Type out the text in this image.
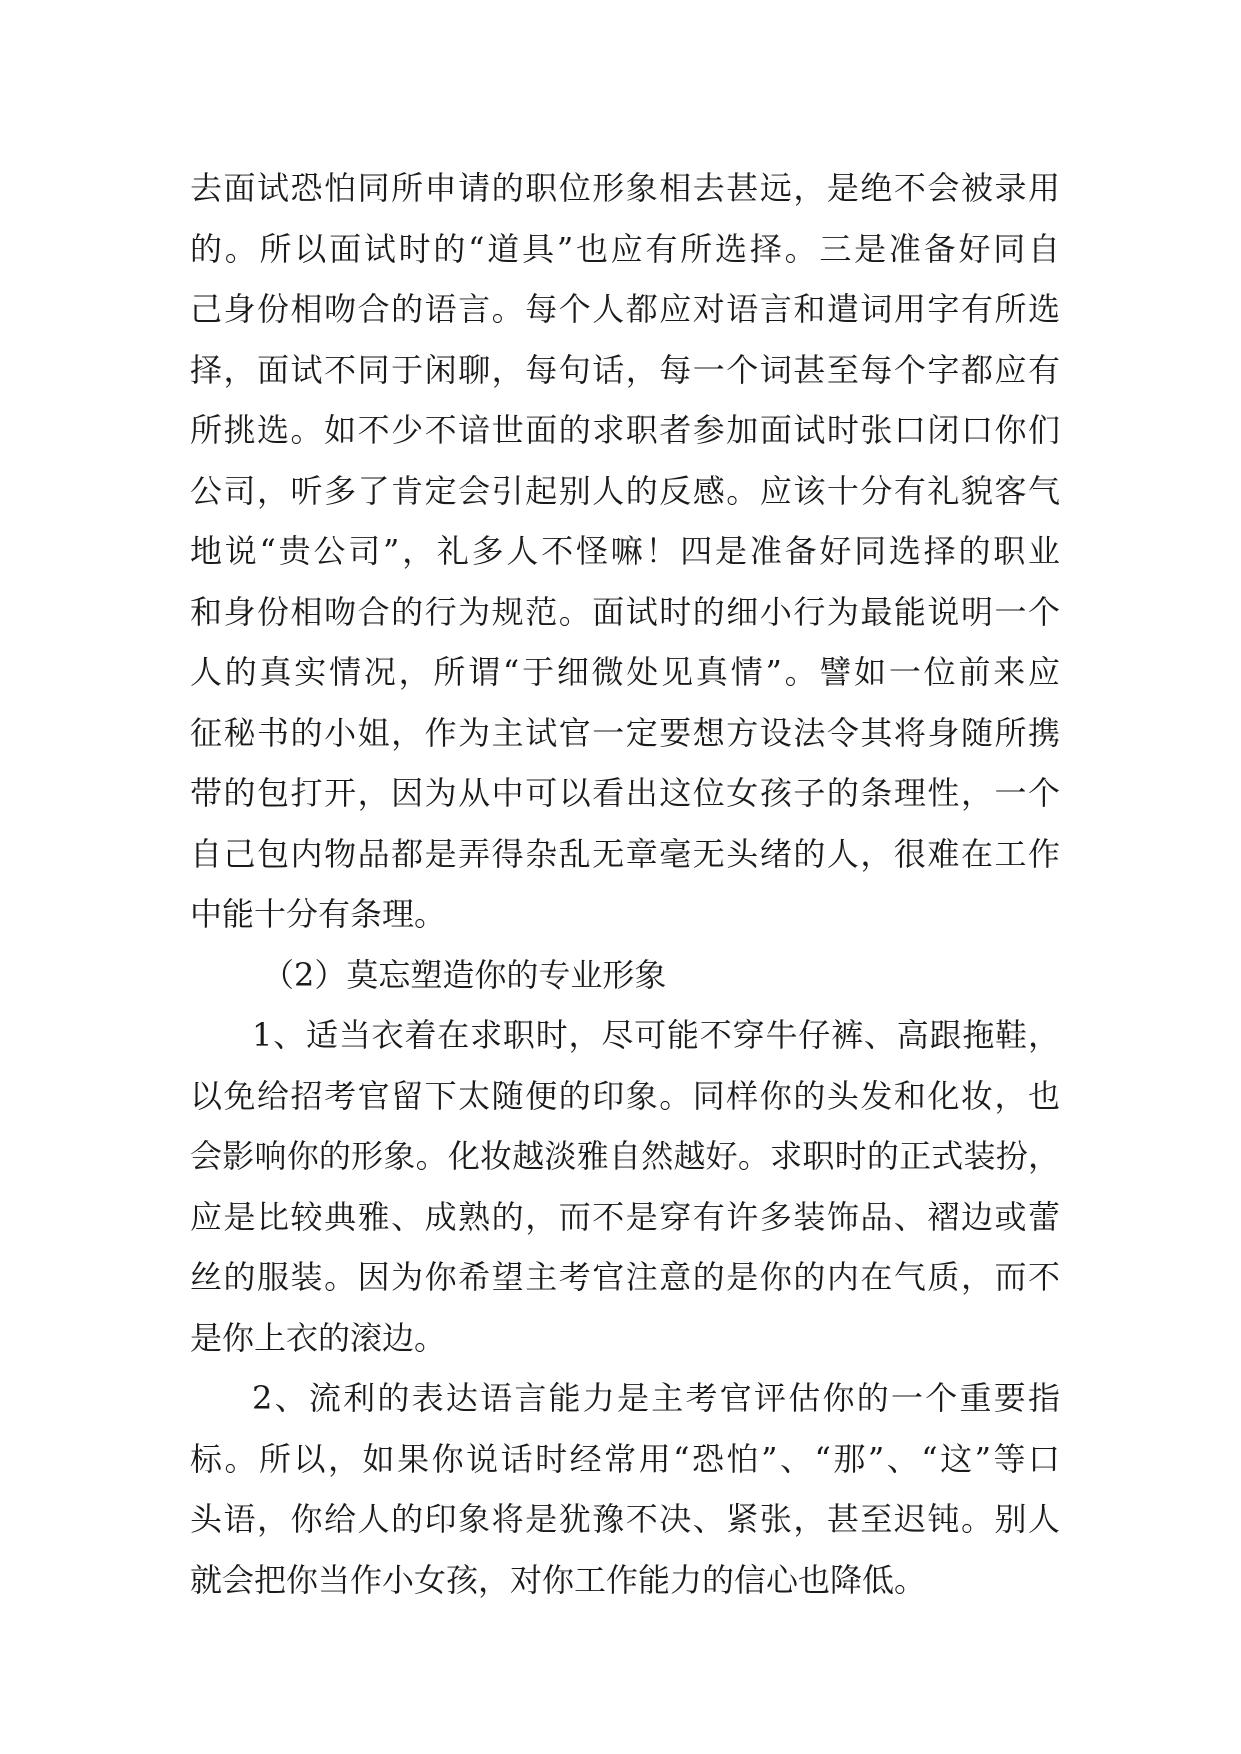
去面试恐怕同所申请的职位形象相去甚远，是绝不会被录用
的。所以面试时的“道具”也应有所选择。三是准备好同自
己身份相吻合的语言。每个人都应对语言和遣词用字有所选
择，面试不同于闲聊，每句话，每一个词甚至每个字都应有
所挑选。如不少不谙世面的求职者参加面试时张口闭口你们
公司，听多了肯定会引起别人的反感。应该十分有礼貌客气
地说“贵公司”，礼多人不怪嘛！四是准备好同选择的职业
和身份相吻合的行为规范。面试时的细小行为最能说明一个
人的真实情况，所谓“于细微处见真情”。譬如一位前来应
征秘书的小姐，作为主试官一定要想方设法令其将身随所携
带的包打开，因为从中可以看出这位女孩子的条理性，一个
自己包内物品都是弄得杂乱无章毫无头绪的人，很难在工作
中能十分有条理。
（2）莫忘塑造你的专业形象
1、适当衣着在求职时，尽可能不穿牛仔裤、高跟拖鞋，
以免给招考官留下太随便的印象。同样你的头发和化妆，也
会影响你的形象。化妆越淡雅自然越好。求职时的正式装扮，
应是比较典雅、成熟的，而不是穿有许多装饰品、褶边或蕾
丝的服装。因为你希望主考官注意的是你的内在气质，而不
是你上衣的滚边。
2、流利的表达语言能力是主考官评估你的一个重要指
标。所以，如果你说话时经常用“恐怕”、“那”、“这”等口
头语，你给人的印象将是犹豫不决、紧张，甚至迟钝。别人
就会把你当作小女孩，对你工作能力的信心也降低。
